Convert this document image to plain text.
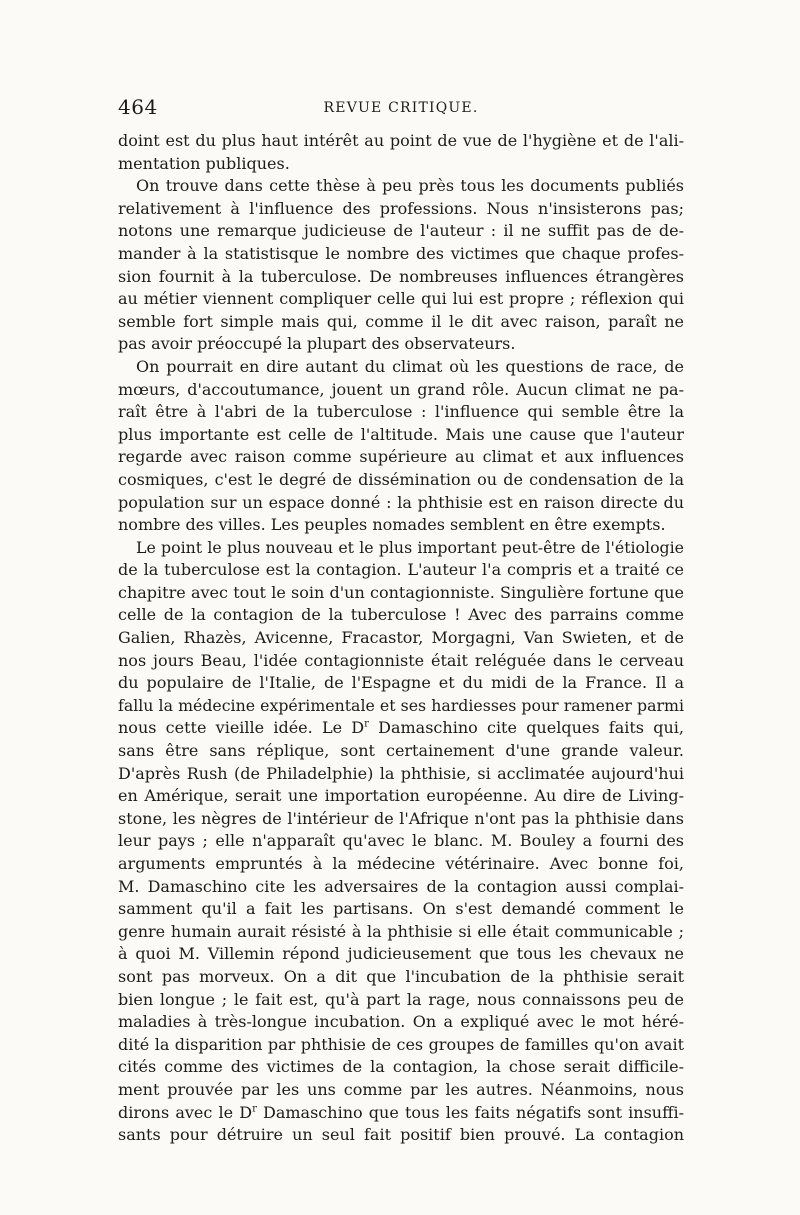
464	REVUE CRITIQUE.
doint est du plus haut intérêt au point de vue de l'hygiène et de l'ali-
mentation publiques.
On trouve dans cette thèse à peu près tous les documents publiés
relativement à l'influence des professions. Nous n'insisterons pas;
notons une remarque judicieuse de l'auteur : il ne suffit pas de de-
mander à la statistisque le nombre des victimes que chaque profes-
sion fournit à la tuberculose. De nombreuses influences étrangères
au métier viennent compliquer celle qui lui est propre ; réflexion qui
semble fort simple mais qui, comme il le dit avec raison, paraît ne
pas avoir préoccupé la plupart des observateurs.
On pourrait en dire autant du climat où les questions de race, de
mœurs, d'accoutumance, jouent un grand rôle. Aucun climat ne pa-
raît être à l'abri de la tuberculose : l'influence qui semble être la
plus importante est celle de l'altitude. Mais une cause que l'auteur
regarde avec raison comme supérieure au climat et aux influences
cosmiques, c'est le degré de dissémination ou de condensation de la
population sur un espace donné : la phthisie est en raison directe du
nombre des villes. Les peuples nomades semblent en être exempts.
Le point le plus nouveau et le plus important peut-être de l'étiologie
de la tuberculose est la contagion. L'auteur l'a compris et a traité ce
chapitre avec tout le soin d'un contagionniste. Singulière fortune que
celle de la contagion de la tuberculose ! Avec des parrains comme
Galien, Rhazès, Avicenne, Fracastor, Morgagni, Van Swieten, et de
nos jours Beau, l'idée contagionniste était reléguée dans le cerveau
du populaire de l'Italie, de l'Espagne et du midi de la France. Il a
fallu la médecine expérimentale et ses hardiesses pour ramener parmi
nous cette vieille idée. Le $D^r$ Damaschino cite quelques faits qui,
sans être sans réplique, sont certainement d'une grande valeur.
D'après Rush (de Philadelphie) la phthisie, si acclimatée aujourd'hui
en Amérique, serait une importation européenne. Au dire de Living-
stone, les nègres de l'intérieur de l'Afrique n'ont pas la phthisie dans
leur pays ; elle n'apparaît qu'avec le blanc. M. Bouley a fourni des
arguments empruntés à la médecine vétérinaire. Avec bonne foi,
M. Damaschino cite les adversaires de la contagion aussi complai-
samment qu'il a fait les partisans. On s'est demandé comment le
genre humain aurait résisté à la phthisie si elle était communicable ;
à quoi M. Villemin répond judicieusement que tous les chevaux ne
sont pas morveux. On a dit que l'incubation de la phthisie serait
bien longue ; le fait est, qu'à part la rage, nous connaissons peu de
maladies à très-longue incubation. On a expliqué avec le mot héré-
dité la disparition par phthisie de ces groupes de familles qu'on avait
cités comme des victimes de la contagion, la chose serait difficile-
ment prouvée par les uns comme par les autres. Néanmoins, nous
dirons avec le $D^r$ Damaschino que tous les faits négatifs sont insuffi-
sants pour détruire un seul fait positif bien prouvé. La contagion
